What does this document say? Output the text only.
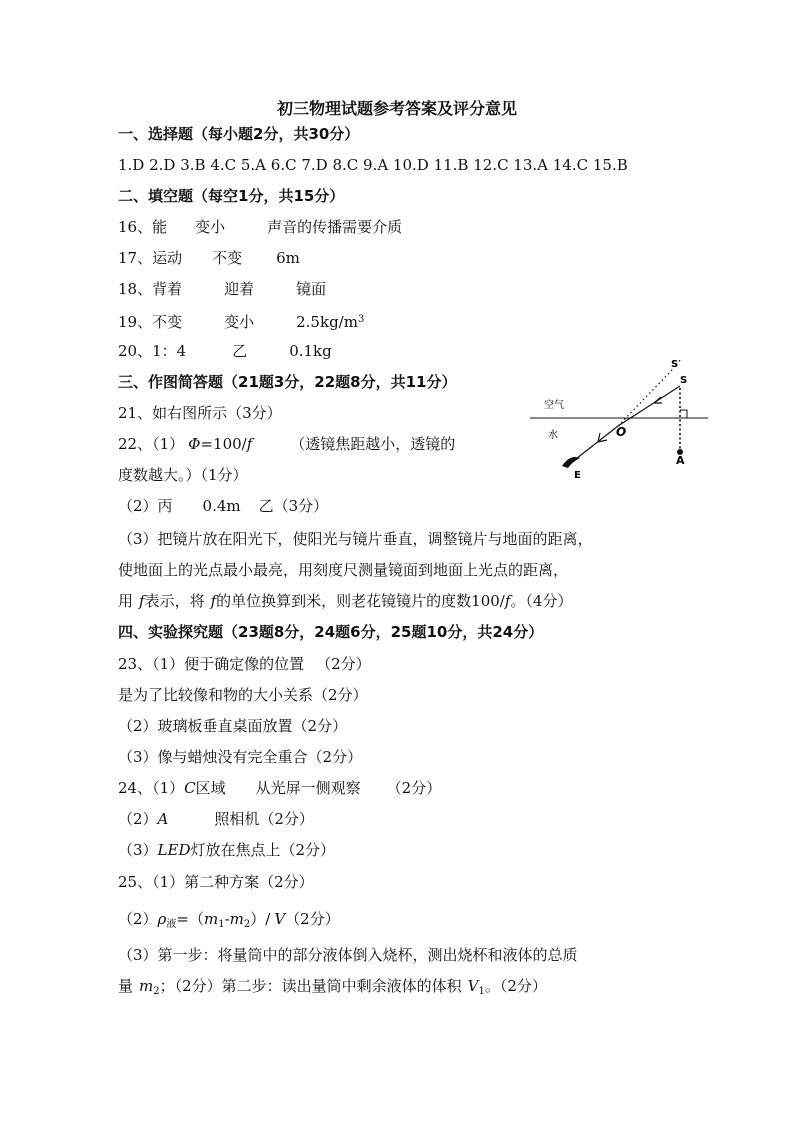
初三物理试题参考答案及评分意见
一、选择题（每小题2分，共30分）
1.D 2.D 3.B 4.C 5.A 6.C 7.D 8.C 9.A 10.D 11.B 12.C 13.A 14.C 15.B
二、填空题（每空1分，共15分）
16、能 变小	声音的传播需要介质
17、运动 不变 6m
18、背着	迎着	镜面
19、不变	变小	$2.5kg/m^3$
20、1：4	乙	0.1kg
三、作图简答题（21题3分，22题8分，共11分）
21、如右图所示（3分）
22、（1） Φ=100/f	（透镜焦距越小，透镜的
度数越大。）（1分）
（2）丙 0.4m 乙（3分）
（3）把镜片放在阳光下，使阳光与镜片垂直，调整镜片与地面的距离，
使地面上的光点最小最亮，用刻度尺测量镜面到地面上光点的距离，
用 f表示，将 f的单位换算到米，则老花镜镜片的度数100/f。（4分）
四、实验探究题（23题8分，24题6分，25题10分，共24分）
23、（1）便于确定像的位置 （2分）
是为了比较像和物的大小关系（2分）
（2）玻璃板垂直桌面放置（2分）
（3）像与蜡烛没有完全重合（2分）
24、（1）C区域 从光屏一侧观察 （2分）
（2）A	照相机（2分）
（3）LED灯放在焦点上（2分）
25、（1）第二种方案（2分）
$(2)\rho_液=(m_1-m_2)/$ V（2分）
（3）第一步：将量筒中的部分液体倒入烧杯，测出烧杯和液体的总质
量 $m_2$；（2分）第二步：读出量筒中剩余液体的体积 $V_1$。（2分）
S′
S
空气
水	O
A
E
